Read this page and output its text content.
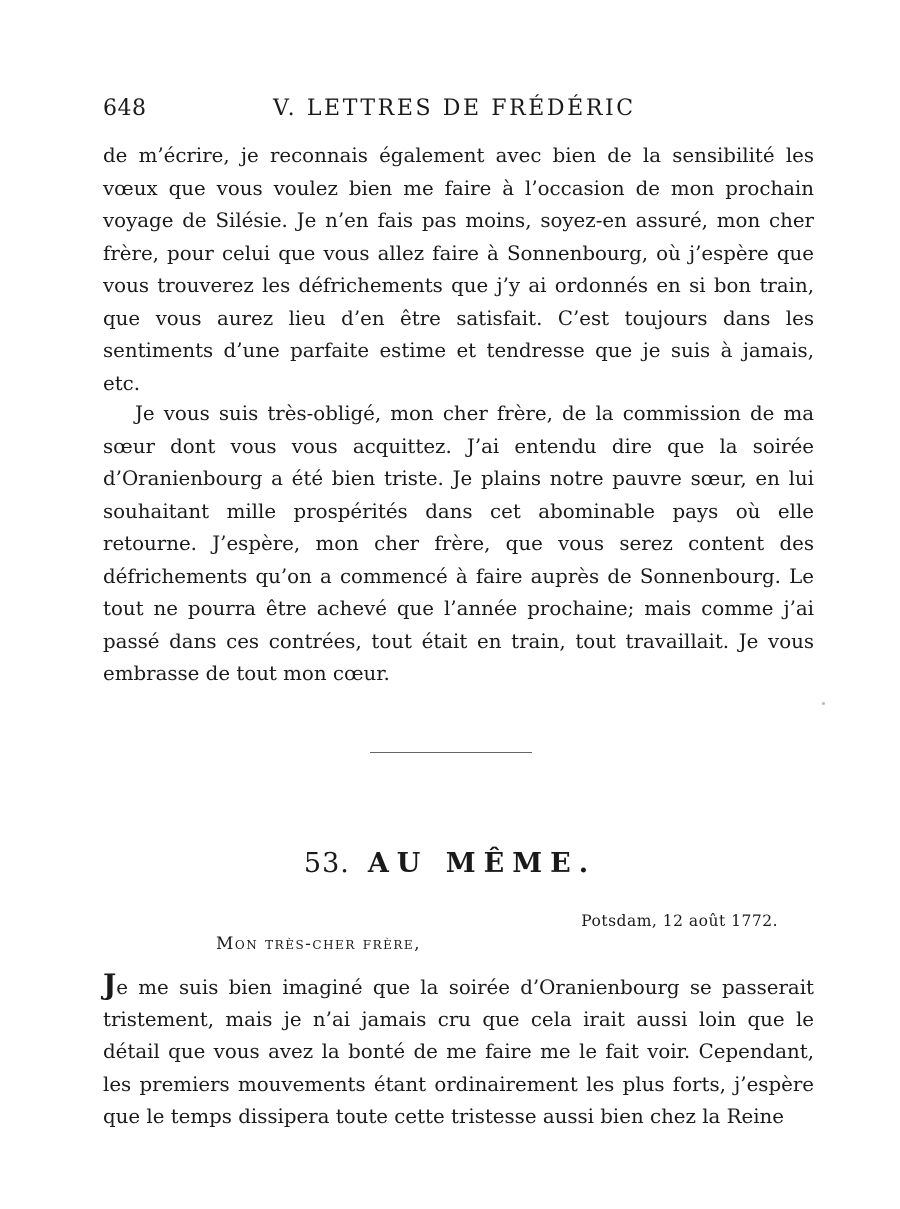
648	V. LETTRES DE FRÉDÉRIC

de m’écrire, je reconnais également avec bien de la sensibilité les vœux que vous voulez bien me faire à l’occasion de mon prochain voyage de Silésie. Je n’en fais pas moins, soyez-en assuré, mon cher frère, pour celui que vous allez faire à Sonnenbourg, où j’espère que vous trouverez les défrichements que j’y ai ordonnés en si bon train, que vous aurez lieu d’en être satisfait. C’est toujours dans les sentiments d’une parfaite estime et tendresse que je suis à jamais, etc.

Je vous suis très-obligé, mon cher frère, de la commission de ma sœur dont vous vous acquittez. J’ai entendu dire que la soirée d’Oranienbourg a été bien triste. Je plains notre pauvre sœur, en lui souhaitant mille prospérités dans cet abominable pays où elle retourne. J’espère, mon cher frère, que vous serez content des défrichements qu’on a commencé à faire auprès de Sonnenbourg. Le tout ne pourra être achevé que l’année prochaine; mais comme j’ai passé dans ces contrées, tout était en train, tout travaillait. Je vous embrasse de tout mon cœur.

53. AU MÊME.
Potsdam, 12 août 1772.
Mon très-cher frère,

Je me suis bien imaginé que la soirée d’Oranienbourg se passerait tristement, mais je n’ai jamais cru que cela irait aussi loin que le détail que vous avez la bonté de me faire me le fait voir. Cependant, les premiers mouvements étant ordinairement les plus forts, j’espère que le temps dissipera toute cette tristesse aussi bien chez la Reine
